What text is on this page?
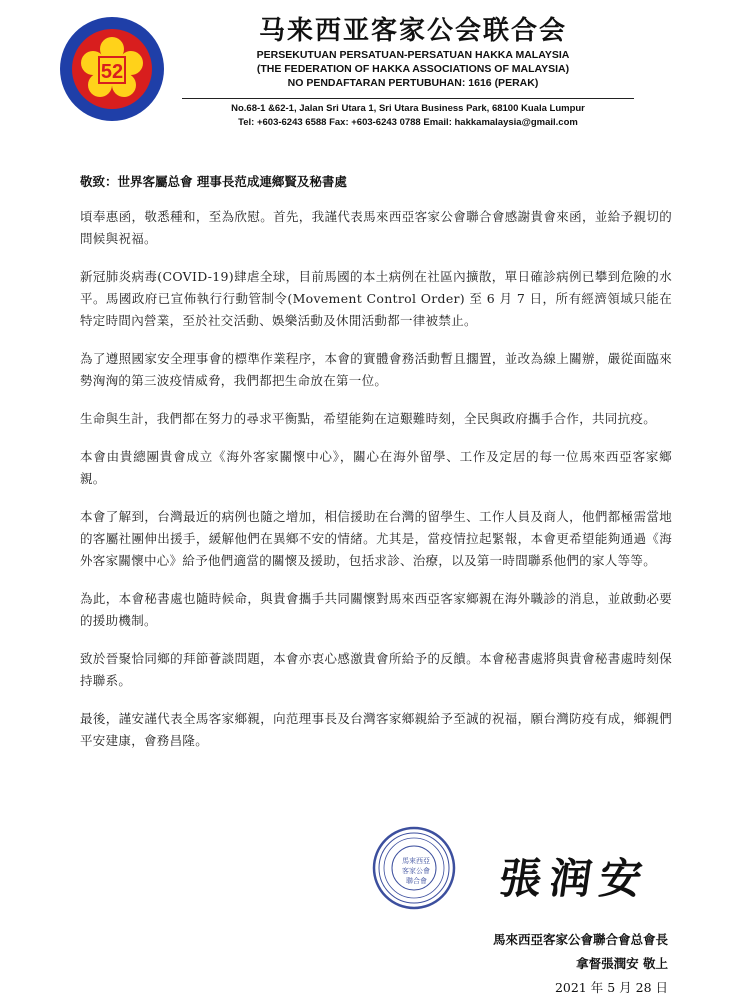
52
马来西亚客家公会联合会
PERSEKUTUAN PERSATUAN-PERSATUAN HAKKA MALAYSIA
(THE FEDERATION OF HAKKA ASSOCIATIONS OF MALAYSIA)
NO PENDAFTARAN PERTUBUHAN: 1616 (PERAK)
No.68-1 &62-1, Jalan Sri Utara 1, Sri Utara Business Park, 68100 Kuala Lumpur
Tel: +603-6243 6588 Fax: +603-6243 0788 Email: hakkamalaysia@gmail.com
敬致：世界客屬总會 理事長范成連鄉賢及秘書處

頃奉惠函，敬悉種和，至為欣慰。首先，我謹代表馬來西亞客家公會聯合會感謝貴會來函，並給予親切的問候與祝福。

新冠肺炎病毒(COVID-19)肆虐全球，目前馬國的本土病例在社區內擴散，單日確診病例已攀到危險的水平。馬國政府已宣佈執行行動管制令(Movement Control Order) 至 6 月 7 日，所有經濟領域只能在特定時間內營業，至於社交活動、娛樂活動及休閒活動都一律被禁止。

為了遵照國家安全理事會的標準作業程序，本會的實體會務活動暫且擱置，並改為線上關辦，嚴從面臨來勢洶洶的第三波疫情威脅，我們都把生命放在第一位。

生命與生計，我們都在努力的尋求平衡點，希望能夠在這艱難時刻，全民與政府攜手合作，共同抗疫。

本會由貴總團貴會成立《海外客家關懷中心》，關心在海外留學、工作及定居的每一位馬來西亞客家鄉親。

本會了解到，台灣最近的病例也隨之增加，相信援助在台灣的留學生、工作人員及商人，他們都極需當地的客屬社團伸出援手，緩解他們在異鄉不安的情緒。尤其是，當疫情拉起緊報，本會更希望能夠通過《海外客家關懷中心》給予他們適當的關懷及援助，包括求診、治療，以及第一時間聯系他們的家人等等。

為此，本會秘書處也隨時候命，與貴會攜手共同關懷對馬來西亞客家鄉親在海外職診的消息，並啟動必要的援助機制。

致於晉聚恰同鄉的拜節薈談問題，本會亦衷心感激貴會所給予的反饋。本會秘書處將與貴會秘書處時刻保持聯系。

最後，謹安謹代表全馬客家鄉親，向范理事長及台灣客家鄉親給予至誠的祝福，願台灣防疫有成，鄉親們平安建康，會務昌隆。

馬來西亞
客家公會
聯合會 張润安
馬來西亞客家公會聯合會总會長
拿督張潤安 敬上
2021 年 5 月 28 日
